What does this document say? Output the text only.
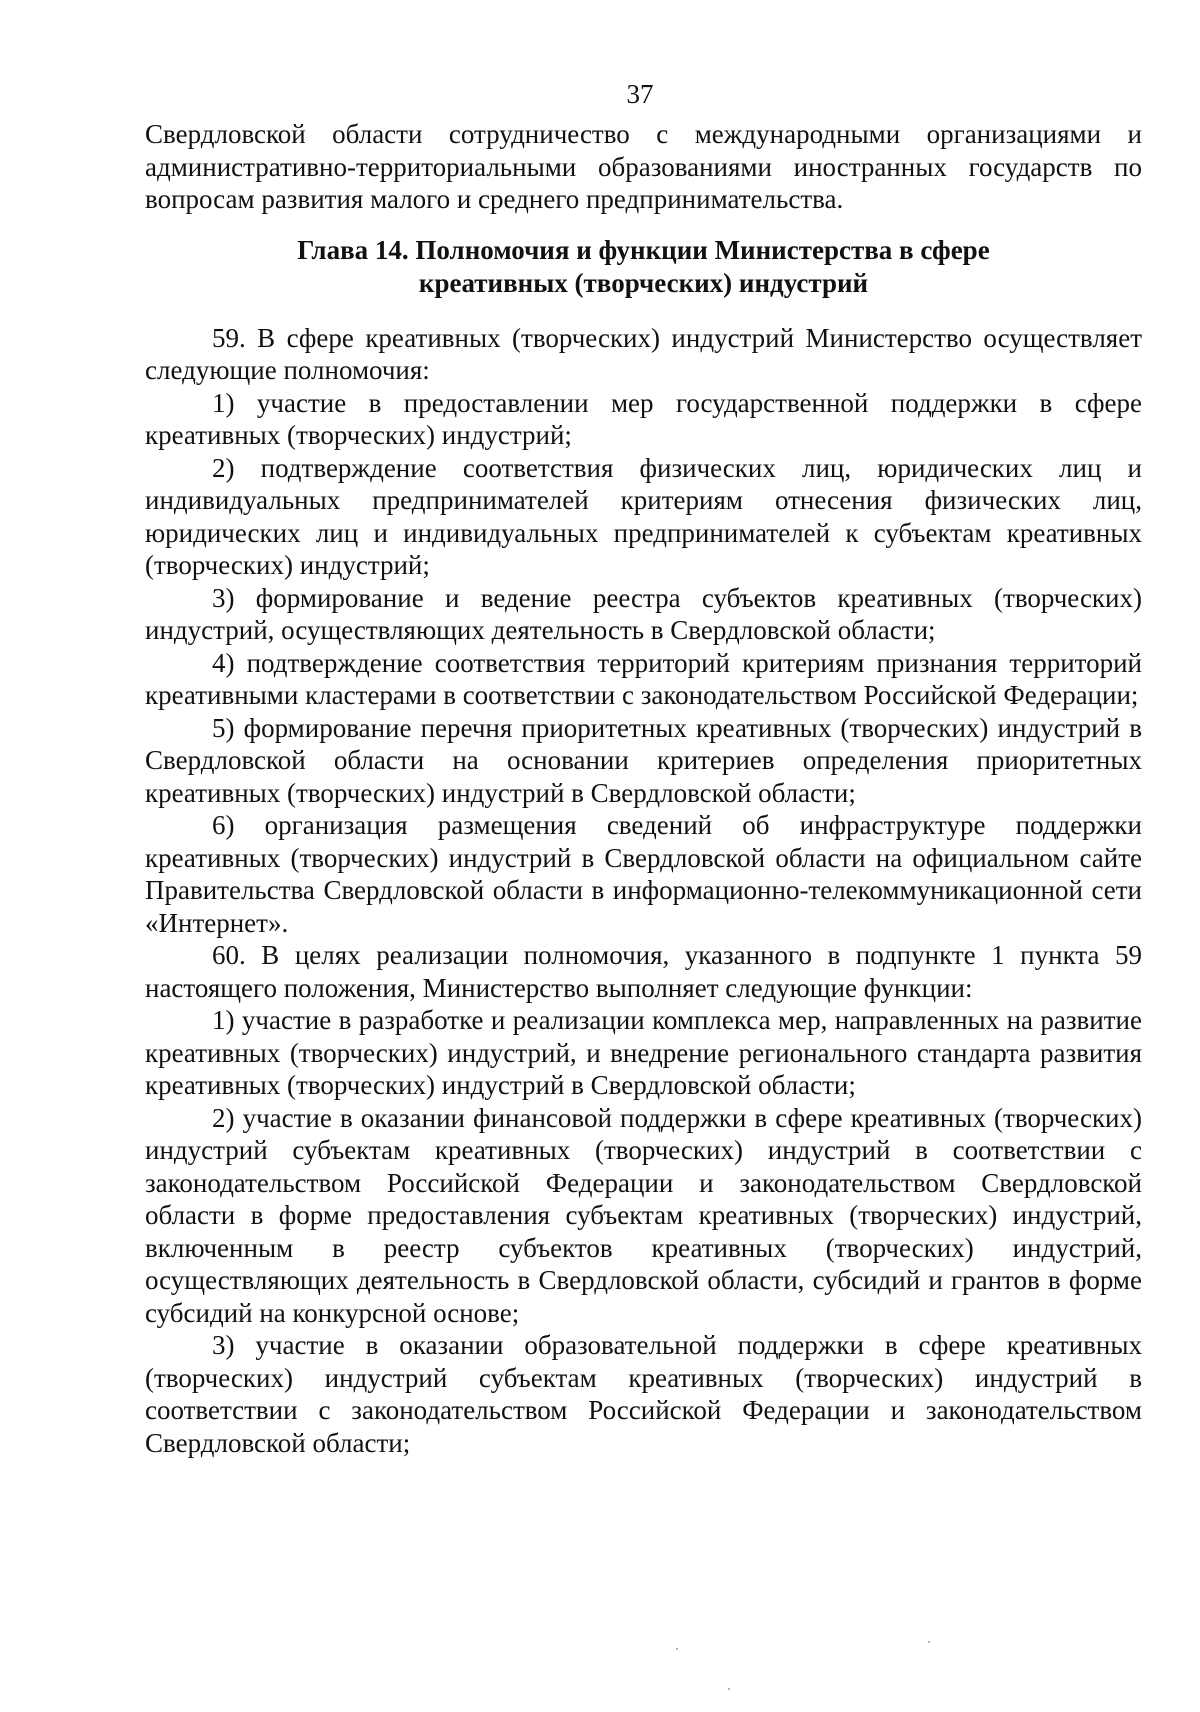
37

Свердловской области сотрудничество с международными организациями и административно-территориальными образованиями иностранных государств по вопросам развития малого и среднего предпринимательства.

Глава 14. Полномочия и функции Министерства в сфере
креативных (творческих) индустрий

59. В сфере креативных (творческих) индустрий Министерство осуществляет следующие полномочия:

1) участие в предоставлении мер государственной поддержки в сфере креативных (творческих) индустрий;

2) подтверждение соответствия физических лиц, юридических лиц и индивидуальных предпринимателей критериям отнесения физических лиц, юридических лиц и индивидуальных предпринимателей к субъектам креативных (творческих) индустрий;

3) формирование и ведение реестра субъектов креативных (творческих) индустрий, осуществляющих деятельность в Свердловской области;

4) подтверждение соответствия территорий критериям признания территорий креативными кластерами в соответствии с законодательством Российской Федерации;

5) формирование перечня приоритетных креативных (творческих) индустрий в Свердловской области на основании критериев определения приоритетных креативных (творческих) индустрий в Свердловской области;

6) организация размещения сведений об инфраструктуре поддержки креативных (творческих) индустрий в Свердловской области на официальном сайте Правительства Свердловской области в информационно-телекоммуникационной сети «Интернет».

60. В целях реализации полномочия, указанного в подпункте 1 пункта 59 настоящего положения, Министерство выполняет следующие функции:

1) участие в разработке и реализации комплекса мер, направленных на развитие креативных (творческих) индустрий, и внедрение регионального стандарта развития креативных (творческих) индустрий в Свердловской области;

2) участие в оказании финансовой поддержки в сфере креативных (творческих) индустрий субъектам креативных (творческих) индустрий в соответствии с законодательством Российской Федерации и законодательством Свердловской области в форме предоставления субъектам креативных (творческих) индустрий, включенным в реестр субъектов креативных (творческих) индустрий, осуществляющих деятельность в Свердловской области, субсидий и грантов в форме субсидий на конкурсной основе;

3) участие в оказании образовательной поддержки в сфере креативных (творческих) индустрий субъектам креативных (творческих) индустрий в соответствии с законодательством Российской Федерации и законодательством Свердловской области;
